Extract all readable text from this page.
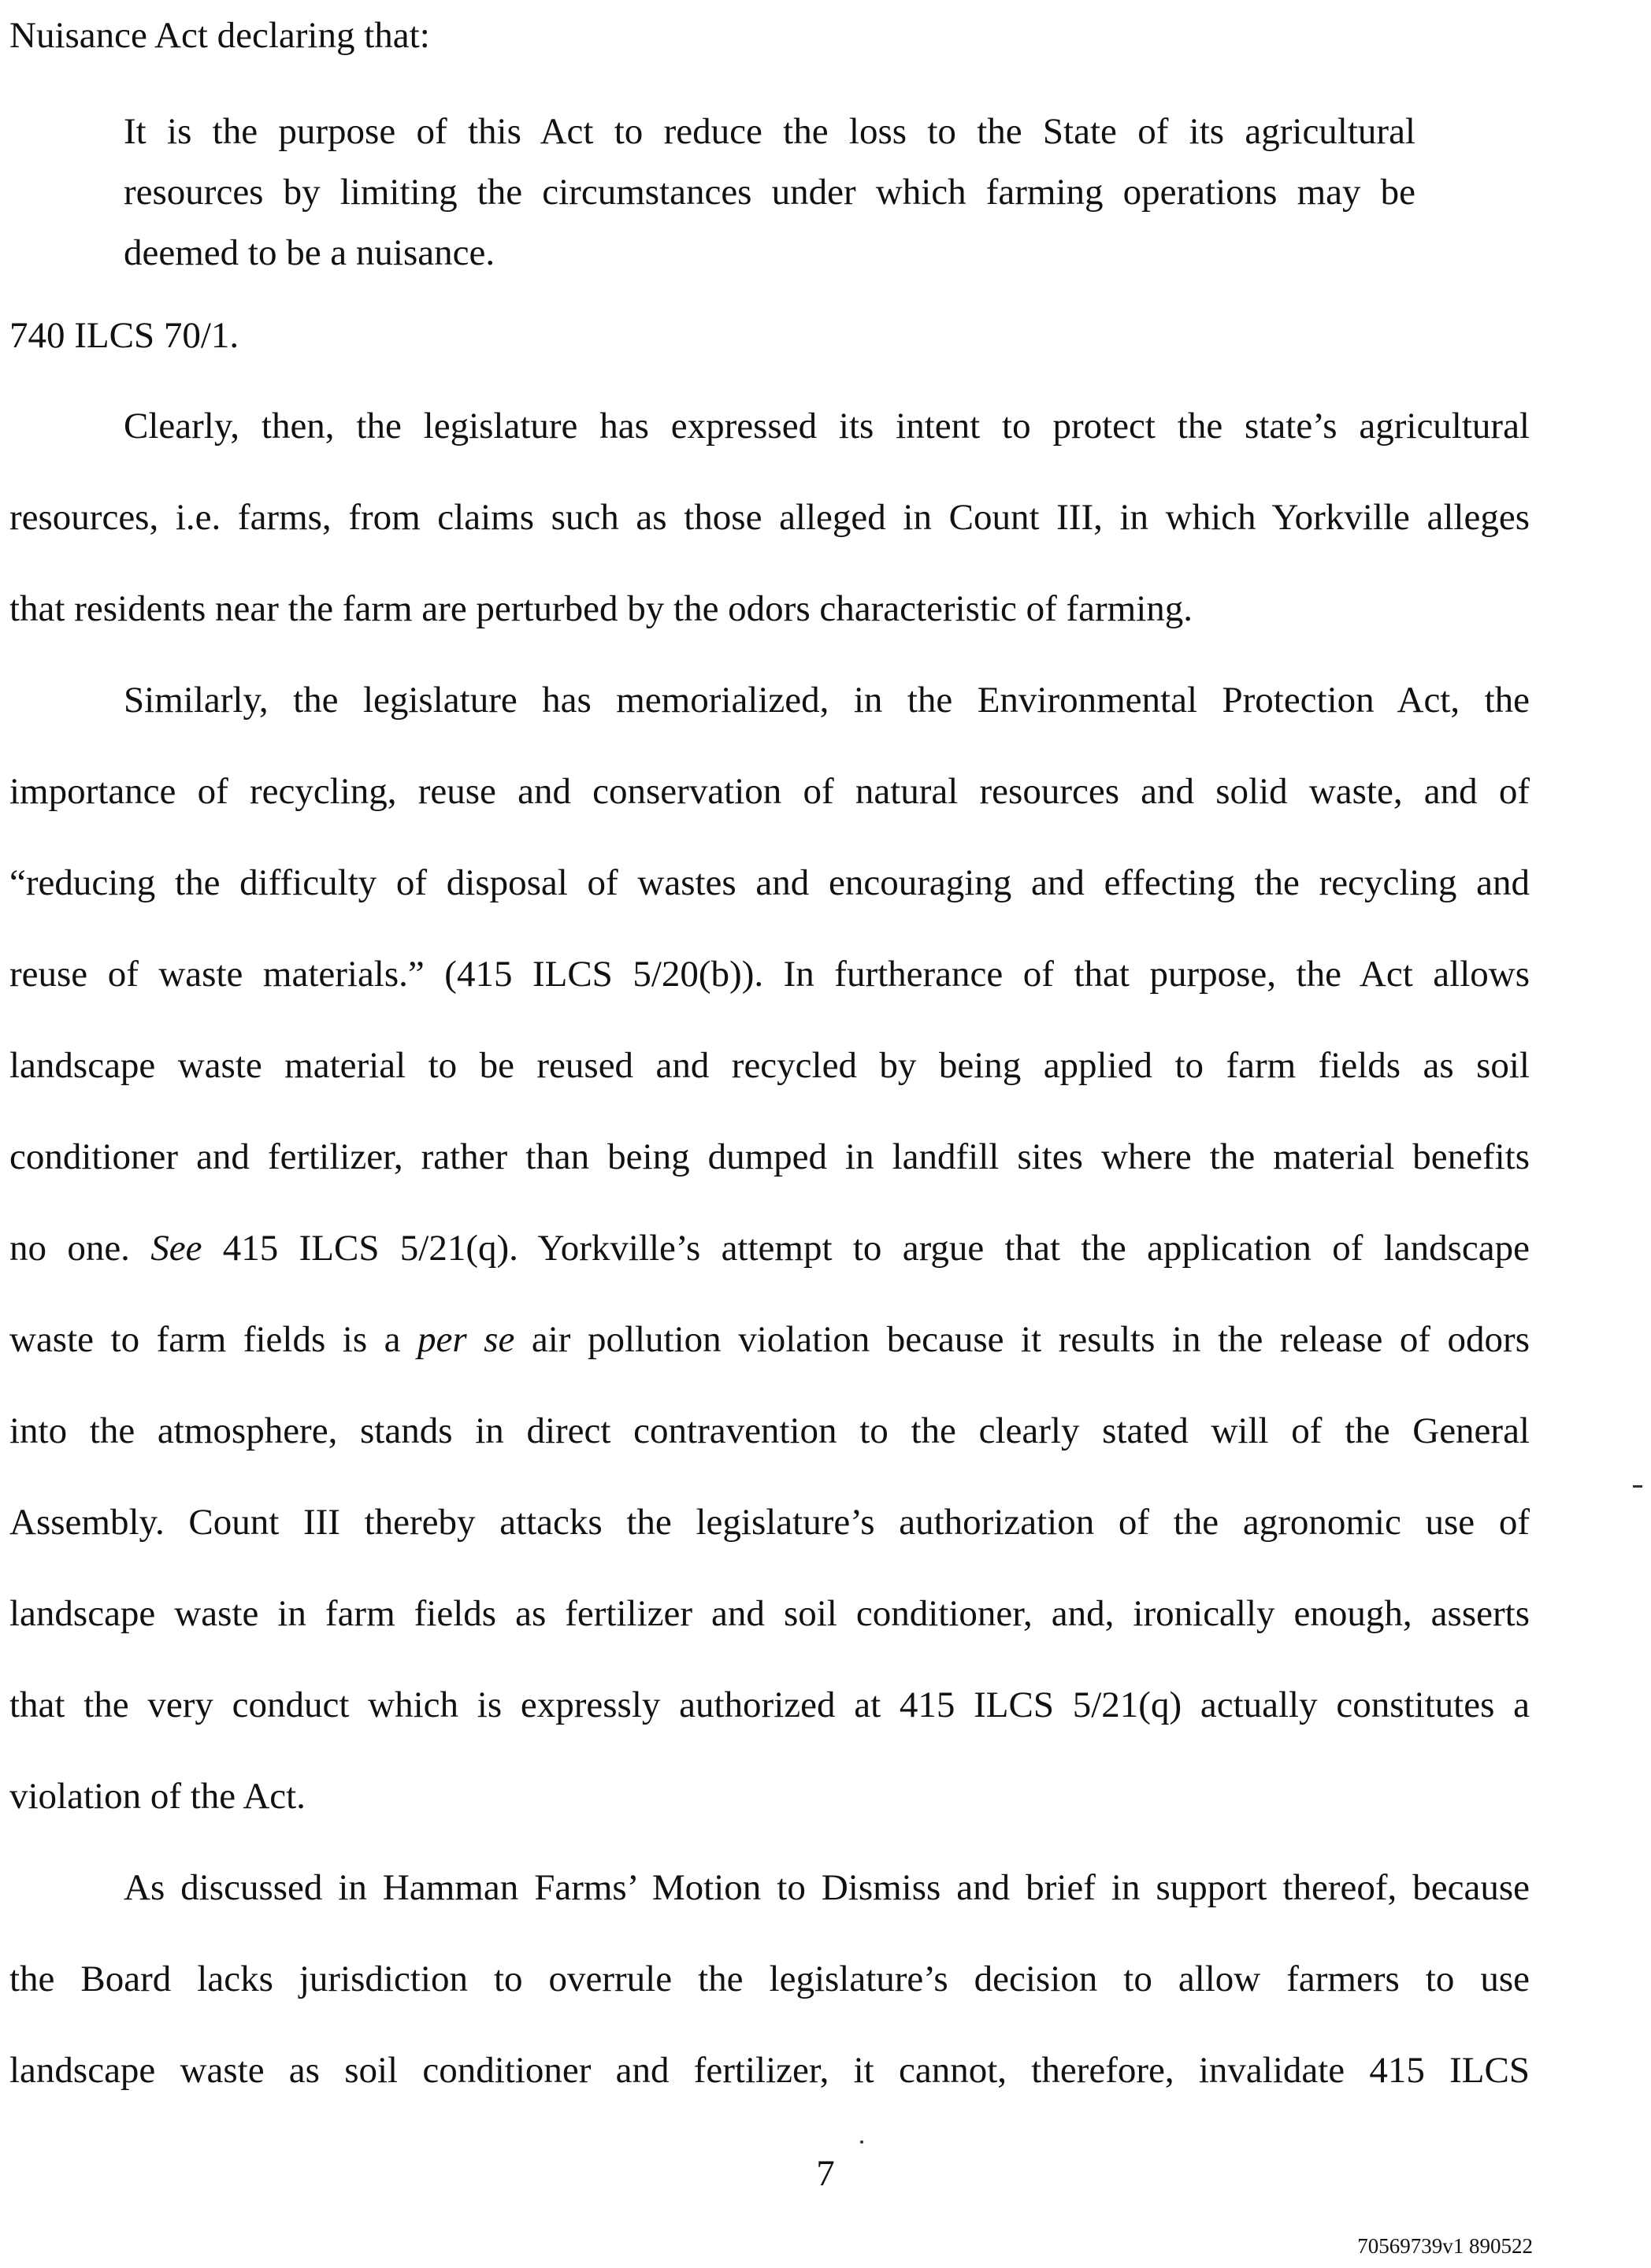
Nuisance Act declaring that:

It is the purpose of this Act to reduce the loss to the State of its agricultural

resources by limiting the circumstances under which farming operations may be

deemed to be a nuisance.

740 ILCS 70/1.

Clearly, then, the legislature has expressed its intent to protect the state’s agricultural

resources, i.e. farms, from claims such as those alleged in Count III, in which Yorkville alleges

that residents near the farm are perturbed by the odors characteristic of farming.

Similarly, the legislature has memorialized, in the Environmental Protection Act, the

importance of recycling, reuse and conservation of natural resources and solid waste, and of

“reducing the difficulty of disposal of wastes and encouraging and effecting the recycling and

reuse of waste materials.” (415 ILCS 5/20(b)). In furtherance of that purpose, the Act allows

landscape waste material to be reused and recycled by being applied to farm fields as soil

conditioner and fertilizer, rather than being dumped in landfill sites where the material benefits

no one. See 415 ILCS 5/21(q). Yorkville’s attempt to argue that the application of landscape

waste to farm fields is a per se air pollution violation because it results in the release of odors

into the atmosphere, stands in direct contravention to the clearly stated will of the General

Assembly. Count III thereby attacks the legislature’s authorization of the agronomic use of

landscape waste in farm fields as fertilizer and soil conditioner, and, ironically enough, asserts

that the very conduct which is expressly authorized at 415 ILCS 5/21(q) actually constitutes a

violation of the Act.

As discussed in Hamman Farms’ Motion to Dismiss and brief in support thereof, because

the Board lacks jurisdiction to overrule the legislature’s decision to allow farmers to use

landscape waste as soil conditioner and fertilizer, it cannot, therefore, invalidate 415 ILCS

7

70569739v1 890522
